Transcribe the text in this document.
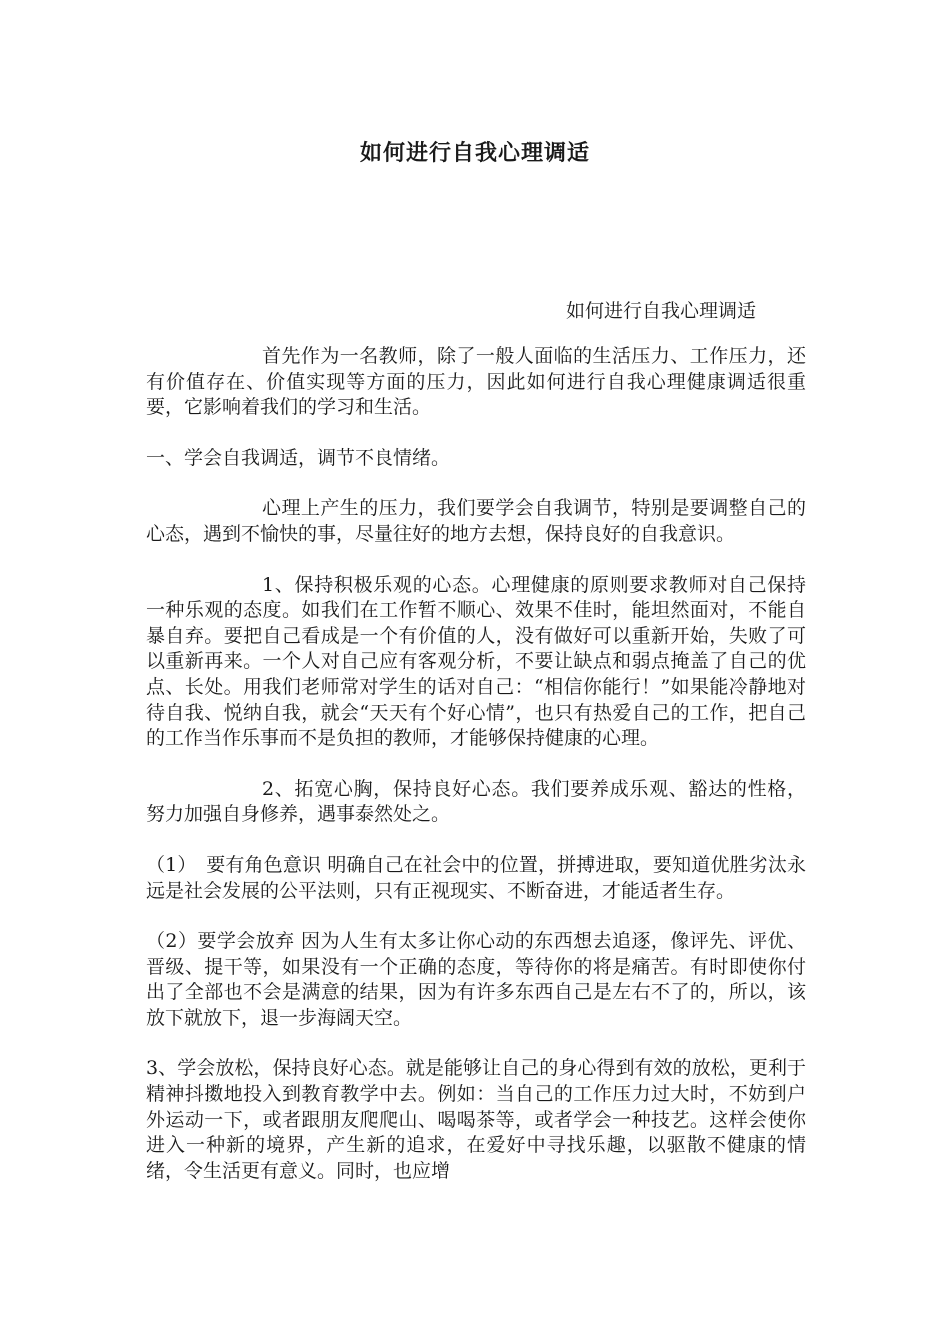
如何进行自我心理调适
如何进行自我心理调适

首先作为一名教师，除了一般人面临的生活压力、工作压力，还有价值存在、价值实现等方面的压力，因此如何进行自我心理健康调适很重要，它影响着我们的学习和生活。

一、学会自我调适，调节不良情绪。

心理上产生的压力，我们要学会自我调节，特别是要调整自己的心态，遇到不愉快的事，尽量往好的地方去想，保持良好的自我意识。

1、保持积极乐观的心态。心理健康的原则要求教师对自己保持一种乐观的态度。如我们在工作暂不顺心、效果不佳时，能坦然面对，不能自暴自弃。要把自己看成是一个有价值的人，没有做好可以重新开始，失败了可以重新再来。一个人对自己应有客观分析，不要让缺点和弱点掩盖了自己的优点、长处。用我们老师常对学生的话对自己：“相信你能行！”如果能冷静地对待自我、悦纳自我，就会“天天有个好心情”，也只有热爱自己的工作，把自己的工作当作乐事而不是负担的教师，才能够保持健康的心理。

2、拓宽心胸，保持良好心态。我们要养成乐观、豁达的性格，努力加强自身修养，遇事泰然处之。

（1）　要有角色意识 明确自己在社会中的位置，拼搏进取，要知道优胜劣汰永远是社会发展的公平法则，只有正视现实、不断奋进，才能适者生存。

（2）要学会放弃 因为人生有太多让你心动的东西想去追逐，像评先、评优、晋级、提干等，如果没有一个正确的态度，等待你的将是痛苦。有时即使你付出了全部也不会是满意的结果，因为有许多东西自己是左右不了的，所以，该放下就放下，退一步海阔天空。

3、学会放松，保持良好心态。就是能够让自己的身心得到有效的放松，更利于精神抖擞地投入到教育教学中去。例如：当自己的工作压力过大时，不妨到户外运动一下，或者跟朋友爬爬山、喝喝茶等，或者学会一种技艺。这样会使你进入一种新的境界，产生新的追求，在爱好中寻找乐趣，以驱散不健康的情绪，令生活更有意义。同时，也应增
